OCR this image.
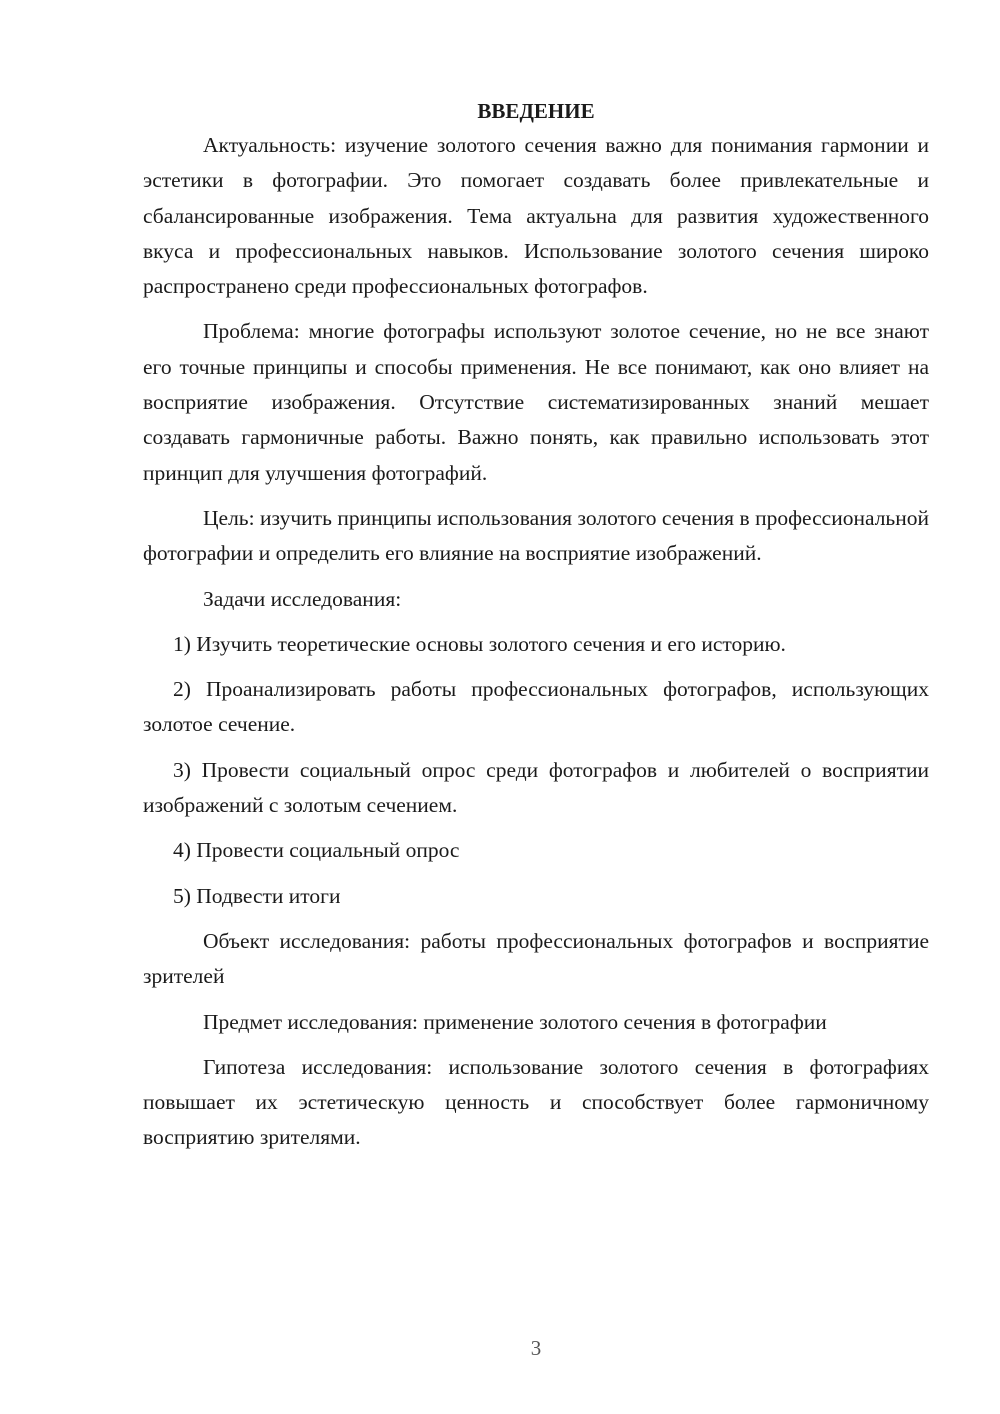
ВВЕДЕНИЕ

Актуальность: изучение золотого сечения важно для понимания гармонии и эстетики в фотографии. Это помогает создавать более привлекательные и сбалансированные изображения. Тема актуальна для развития художественного вкуса и профессиональных навыков. Использование золотого сечения широко распространено среди профессиональных фотографов.

Проблема: многие фотографы используют золотое сечение, но не все знают его точные принципы и способы применения. Не все понимают, как оно влияет на восприятие изображения. Отсутствие систематизированных знаний мешает создавать гармоничные работы. Важно понять, как правильно использовать этот принцип для улучшения фотографий.

Цель: изучить принципы использования золотого сечения в профессиональной фотографии и определить его влияние на восприятие изображений.

Задачи исследования:

1) Изучить теоретические основы золотого сечения и его историю.

2) Проанализировать работы профессиональных фотографов, использующих золотое сечение.

3) Провести социальный опрос среди фотографов и любителей о восприятии изображений с золотым сечением.

4) Провести социальный опрос

5) Подвести итоги

Объект исследования: работы профессиональных фотографов и восприятие зрителей

Предмет исследования: применение золотого сечения в фотографии

Гипотеза исследования: использование золотого сечения в фотографиях повышает их эстетическую ценность и способствует более гармоничному восприятию зрителями.

3
